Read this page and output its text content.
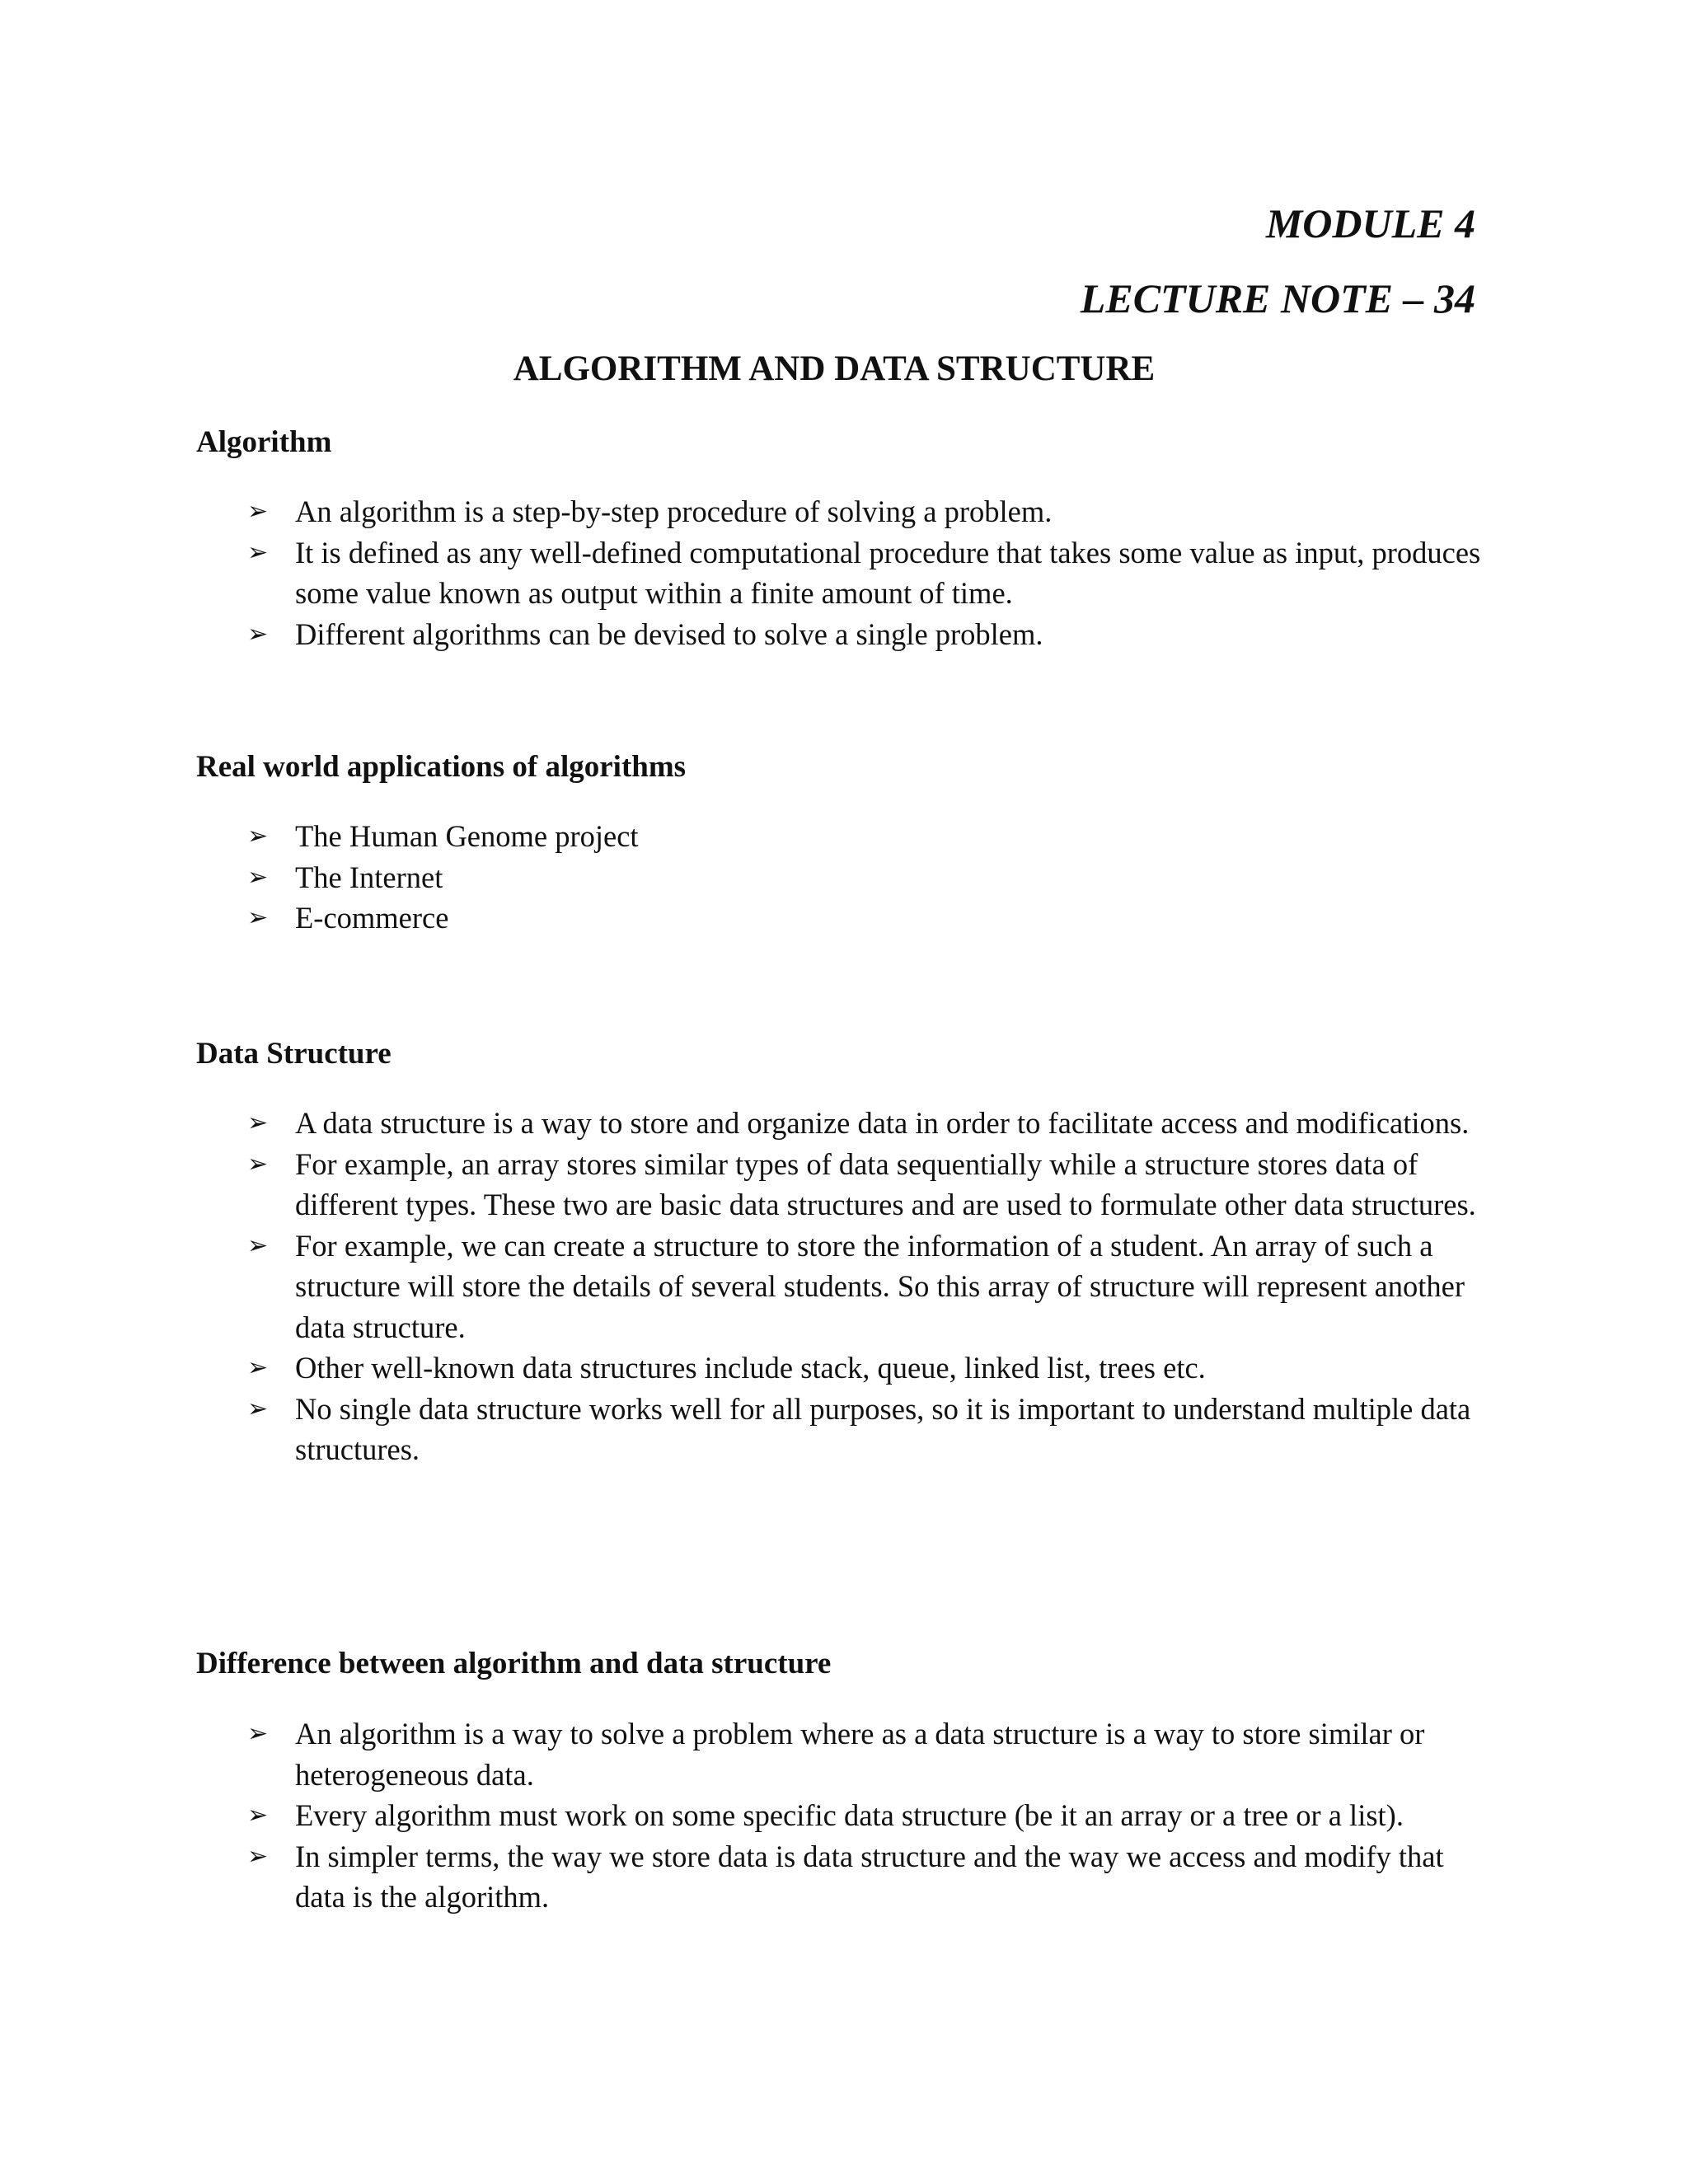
MODULE 4
LECTURE NOTE – 34
ALGORITHM AND DATA STRUCTURE
Algorithm
➢ An algorithm is a step-by-step procedure of solving a problem.
➢ It is defined as any well-defined computational procedure that takes some value as input, produces some value known as output within a finite amount of time.
➢ Different algorithms can be devised to solve a single problem.
Real world applications of algorithms
➢ The Human Genome project
➢ The Internet
➢ E-commerce
Data Structure
➢ A data structure is a way to store and organize data in order to facilitate access and modifications.
➢ For example, an array stores similar types of data sequentially while a structure stores data of different types. These two are basic data structures and are used to formulate other data structures.
➢ For example, we can create a structure to store the information of a student. An array of such a structure will store the details of several students. So this array of structure will represent another data structure.
➢ Other well-known data structures include stack, queue, linked list, trees etc.
➢ No single data structure works well for all purposes, so it is important to understand multiple data structures.
Difference between algorithm and data structure
➢ An algorithm is a way to solve a problem where as a data structure is a way to store similar or heterogeneous data.
➢ Every algorithm must work on some specific data structure (be it an array or a tree or a list).
➢ In simpler terms, the way we store data is data structure and the way we access and modify that data is the algorithm.
